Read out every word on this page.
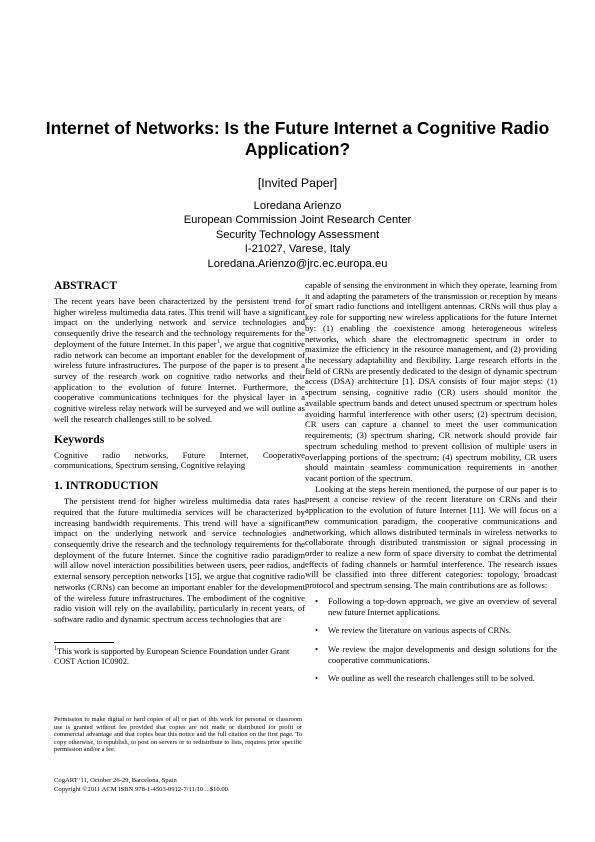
Internet of Networks: Is the Future Internet a Cognitive Radio Application?
[Invited Paper]
Loredana Arienzo
European Commission Joint Research Center
Security Technology Assessment
I-21027, Varese, Italy
Loredana.Arienzo@jrc.ec.europa.eu
ABSTRACT

The recent years have been characterized by the persistent trend for higher wireless multimedia data rates. This trend will have a significant impact on the underlying network and service technologies and consequently drive the research and the technology requirements for the deployment of the future Internet. In this paper$^1$, we argue that cognitive radio network can become an important enabler for the development of wireless future infrastructures. The purpose of the paper is to present a survey of the research work on cognitive radio networks and their application to the evolution of future Internet. Furthermore, the cooperative communications techniques for the physical layer in a cognitive wireless relay network will be surveyed and we will outline as well the research challenges still to be solved.

Keywords

Cognitive radio networks, Future Internet, Cooperative communications, Spectrum sensing, Cognitive relaying

1. INTRODUCTION

The persistent trend for higher wireless multimedia data rates has required that the future multimedia services will be characterized by increasing bandwidth requirements. This trend will have a significant impact on the underlying network and service technologies and consequently drive the research and the technology requirements for the deployment of the future Internet. Since the cognitive radio paradigm will allow novel interaction possibilities between users, peer radios, and external sensory perception networks [15], we argue that cognitive radio networks (CRNs) can become an important enabler for the development of the wireless future infrastructures. The embodiment of the cognitive radio vision will rely on the availability, particularly in recent years, of software radio and dynamic spectrum access technologies that are

$^1$This work is supported by European Science Foundation under Grant COST Action IC0902.
Permission to make digital or hard copies of all or part of this work for personal or classroom use is granted without fee provided that copies are not made or distributed for profit or commercial advantage and that copies bear this notice and the full citation on the first page. To copy otherwise, to republish, to post on servers or to redistribute to lists, requires prior specific permission and/or a fee.
CogART '11, October 26-29, Barcelona, Spain
Copyright ©2011 ACM ISBN 978-1-4503-0912-7/11/10 ...$10.00.

capable of sensing the environment in which they operate, learning from it and adapting the parameters of the transmission or reception by means of smart radio functions and intelligent antennas. CRNs will thus play a key role for supporting new wireless applications for the future Internet by: (1) enabling the coexistence among heterogeneous wireless networks, which share the electromagnetic spectrum in order to maximize the efficiency in the resource management, and (2) providing the necessary adaptability and flexibility. Large research efforts in the field of CRNs are presently dedicated to the design of dynamic spectrum access (DSA) architecture [1]. DSA consists of four major steps: (1) spectrum sensing, cognitive radio (CR) users should monitor the available spectrum bands and detect unused spectrum or spectrum holes avoiding harmful interference with other users; (2) spectrum decision, CR users can capture a channel to meet the user communication requirements; (3) spectrum sharing, CR network should provide fair spectrum scheduling method to prevent collision of multiple users in overlapping portions of the spectrum; (4) spectrum mobility, CR users should maintain seamless communication requirements in another vacant portion of the spectrum.

Looking at the steps herein mentioned, the purpose of our paper is to present a concise review of the recent literature on CRNs and their application to the evolution of future Internet [11]. We will focus on a new communication paradigm, the cooperative communications and networking, which allows distributed terminals in wireless networks to collaborate through distributed transmission or signal processing in order to realize a new form of space diversity to combat the detrimental effects of fading channels or harmful interference. The research issues will be classified into three different categories: topology, broadcast protocol and spectrum sensing. The main contributions are as follows:

• Following a top-down approach, we give an overview of several new future Internet applications.
• We review the literature on various aspects of CRNs.
• We review the major developments and design solutions for the cooperative communications.
• We outline as well the research challenges still to be solved.
